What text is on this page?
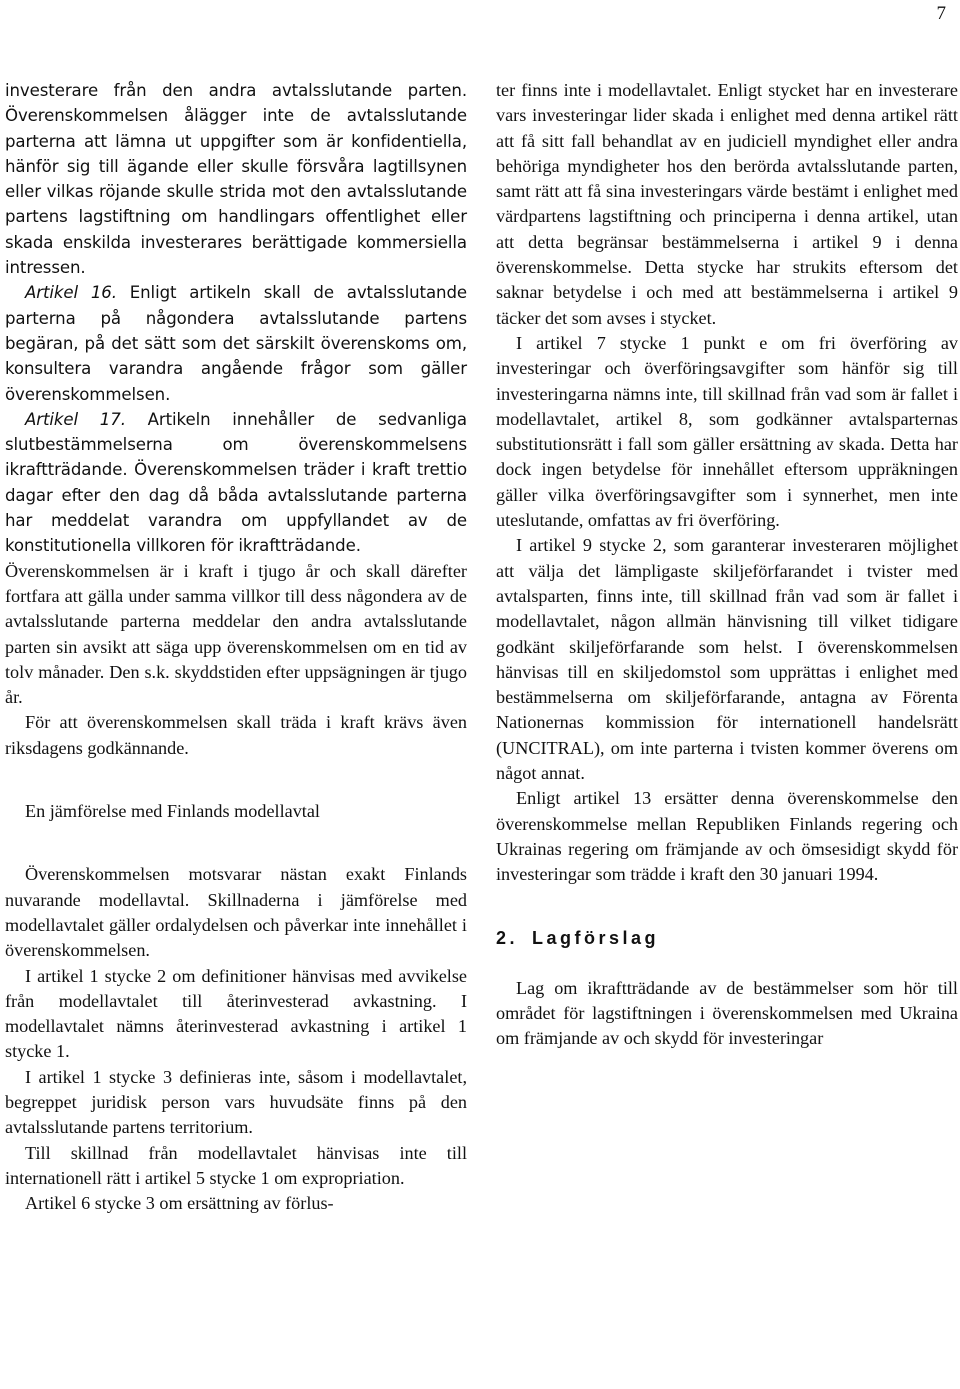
7

investerare från den andra avtalsslutande parten. Överenskommelsen ålägger inte de avtalsslutande parterna att lämna ut uppgifter som är konfidentiella, hänför sig till ägande eller skulle försvåra lagtillsynen eller vilkas röjande skulle strida mot den avtalsslutande partens lagstiftning om handlingars offentlighet eller skada enskilda investerares berättigade kommersiella intressen.

Artikel 16. Enligt artikeln skall de avtalsslutande parterna på någondera avtalsslutande partens begäran, på det sätt som det särskilt överenskoms om, konsultera varandra angående frågor som gäller överenskommelsen.

Artikel 17. Artikeln innehåller de sedvanliga slutbestämmelserna om överenskommelsens ikraftträdande. Överenskommelsen träder i kraft trettio dagar efter den dag då båda avtalsslutande parterna har meddelat varandra om uppfyllandet av de konstitutionella villkoren för ikraftträdande.

Överenskommelsen är i kraft i tjugo år och skall därefter fortfara att gälla under samma villkor till dess någondera av de avtalsslutande parterna meddelar den andra avtalsslutande parten sin avsikt att säga upp överenskommelsen om en tid av tolv månader. Den s.k. skyddstiden efter uppsägningen är tjugo år.

För att överenskommelsen skall träda i kraft krävs även riksdagens godkännande.

En jämförelse med Finlands modellavtal

Överenskommelsen motsvarar nästan exakt Finlands nuvarande modellavtal. Skillnaderna i jämförelse med modellavtalet gäller ordalydelsen och påverkar inte innehållet i överenskommelsen.

I artikel 1 stycke 2 om definitioner hänvisas med avvikelse från modellavtalet till återinvesterad avkastning. I modellavtalet nämns återinvesterad avkastning i artikel 1 stycke 1.

I artikel 1 stycke 3 definieras inte, såsom i modellavtalet, begreppet juridisk person vars huvudsäte finns på den avtalsslutande partens territorium.

Till skillnad från modellavtalet hänvisas inte till internationell rätt i artikel 5 stycke 1 om expropriation.

Artikel 6 stycke 3 om ersättning av förlus-

ter finns inte i modellavtalet. Enligt stycket har en investerare vars investeringar lider skada i enlighet med denna artikel rätt att få sitt fall behandlat av en judiciell myndighet eller andra behöriga myndigheter hos den berörda avtalsslutande parten, samt rätt att få sina investeringars värde bestämt i enlighet med värdpartens lagstiftning och principerna i denna artikel, utan att detta begränsar bestämmelserna i artikel 9 i denna överenskommelse. Detta stycke har strukits eftersom det saknar betydelse i och med att bestämmelserna i artikel 9 täcker det som avses i stycket.

I artikel 7 stycke 1 punkt e om fri överföring av investeringar och överföringsavgifter som hänför sig till investeringarna nämns inte, till skillnad från vad som är fallet i modellavtalet, artikel 8, som godkänner avtalsparternas substitutionsrätt i fall som gäller ersättning av skada. Detta har dock ingen betydelse för innehållet eftersom uppräkningen gäller vilka överföringsavgifter som i synnerhet, men inte uteslutande, omfattas av fri överföring.

I artikel 9 stycke 2, som garanterar investeraren möjlighet att välja det lämpligaste skiljeförfarandet i tvister med avtalsparten, finns inte, till skillnad från vad som är fallet i modellavtalet, någon allmän hänvisning till vilket tidigare godkänt skiljeförfarande som helst. I överenskommelsen hänvisas till en skiljedomstol som upprättas i enlighet med bestämmelserna om skiljeförfarande, antagna av Förenta Nationernas kommission för internationell handelsrätt (UNCITRAL), om inte parterna i tvisten kommer överens om något annat.

Enligt artikel 13 ersätter denna överenskommelse den överenskommelse mellan Republiken Finlands regering och Ukrainas regering om främjande av och ömsesidigt skydd för investeringar som trädde i kraft den 30 januari 1994.

2. Lagförslag

Lag om ikraftträdande av de bestämmelser som hör till området för lagstiftningen i överenskommelsen med Ukraina om främjande av och skydd för investeringar
